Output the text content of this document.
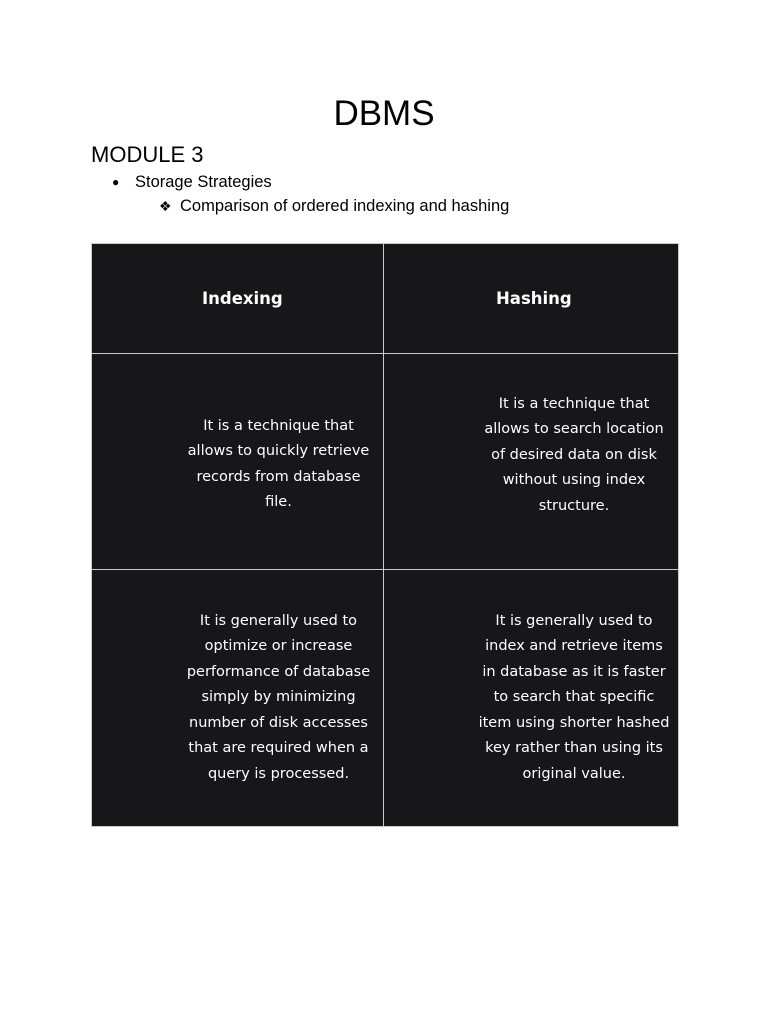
DBMS
MODULE 3
● Storage Strategies
❖ Comparison of ordered indexing and hashing
Indexing	Hashing

It is a technique that allows to quickly retrieve records from database file.	It is a technique that allows to search location of desired data on disk without using index structure.

It is generally used to optimize or increase performance of database simply by minimizing number of disk accesses that are required when a query is processed.	It is generally used to index and retrieve items in database as it is faster to search that specific item using shorter hashed key rather than using its original value.
